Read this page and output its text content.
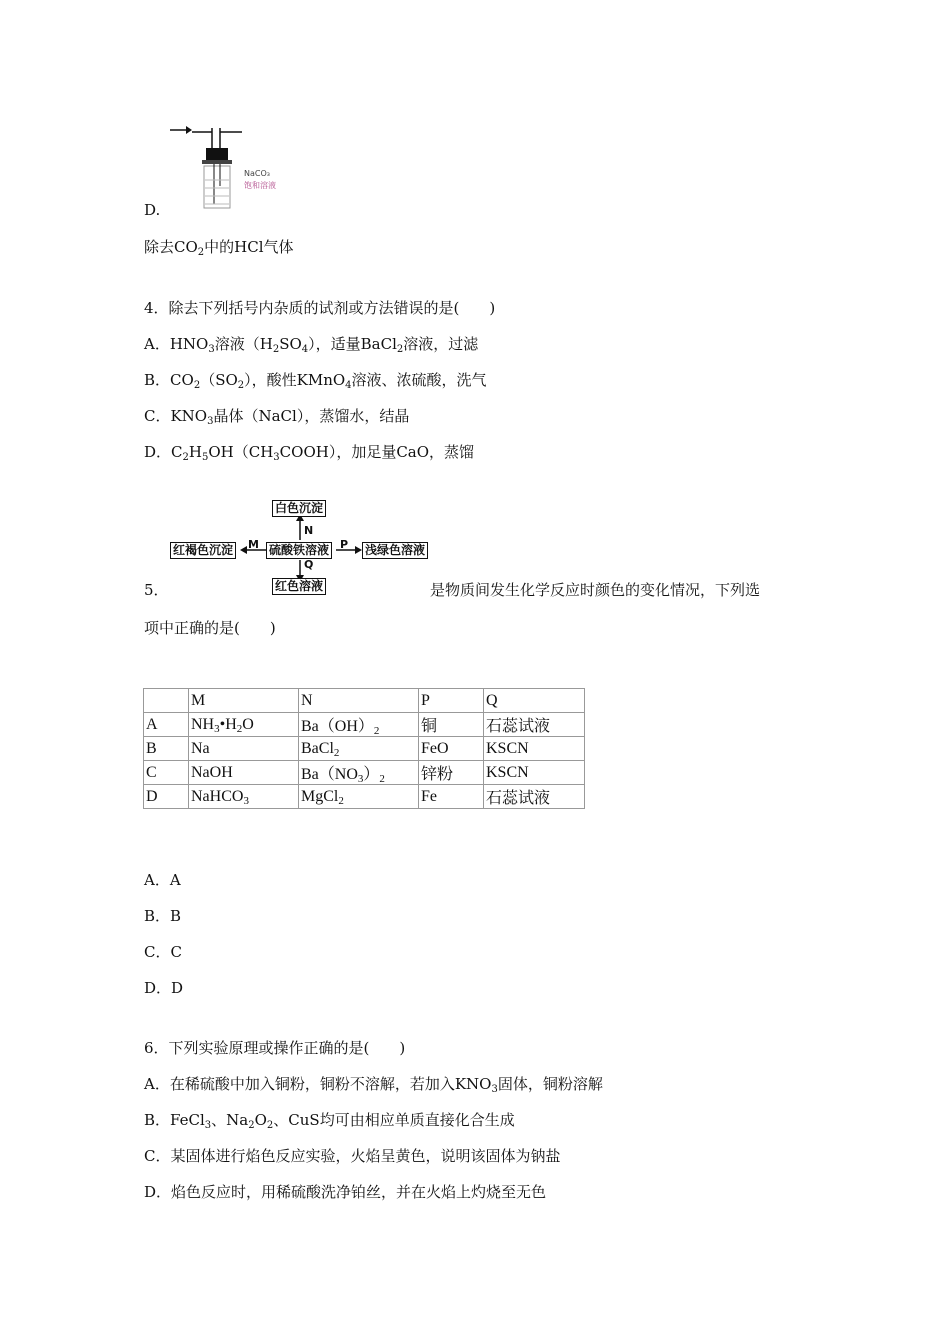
NaCO₃
饱和溶液
D.
除去$CO_2$中的HCl气体
4．除去下列括号内杂质的试剂或方法错误的是(　　)
A．$HNO_3$溶液$(H_2SO_4)$，适量BaCl$_2$溶液，过滤
B．$CO_2(SO_2)$，酸性KMnO$_4$溶液、浓硫酸，洗气
C．$KNO_3$晶体（NaCl），蒸馏水，结晶
D．$C_2H_5OH(CH_3COOH)$，加足量CaO，蒸馏
白色沉淀
N
红褐色沉淀 M 硫酸铁溶液 P 浅绿色溶液
Q
红色溶液
5．	是物质间发生化学反应时颜色的变化情况，下列选
项中正确的是(　　)
	M	N	P	Q
A	$NH_3•H_2O$	$Ba(OH)_2$	铜	石蕊试液
B	Na	BaCl$_2$	FeO	KSCN
C	NaOH	$Ba(NO_3)_2$	锌粉	KSCN
D	NaHCO$_3$	MgCl$_2$	Fe	石蕊试液
A．A
B．B
C．C
D．D
6．下列实验原理或操作正确的是(　　)
A．在稀硫酸中加入铜粉，铜粉不溶解，若加入$KNO_3$固体，铜粉溶解
B．FeCl$_3$、$Na_2O_2$、CuS均可由相应单质直接化合生成
C．某固体进行焰色反应实验，火焰呈黄色，说明该固体为钠盐
D．焰色反应时，用稀硫酸洗净铂丝，并在火焰上灼烧至无色
